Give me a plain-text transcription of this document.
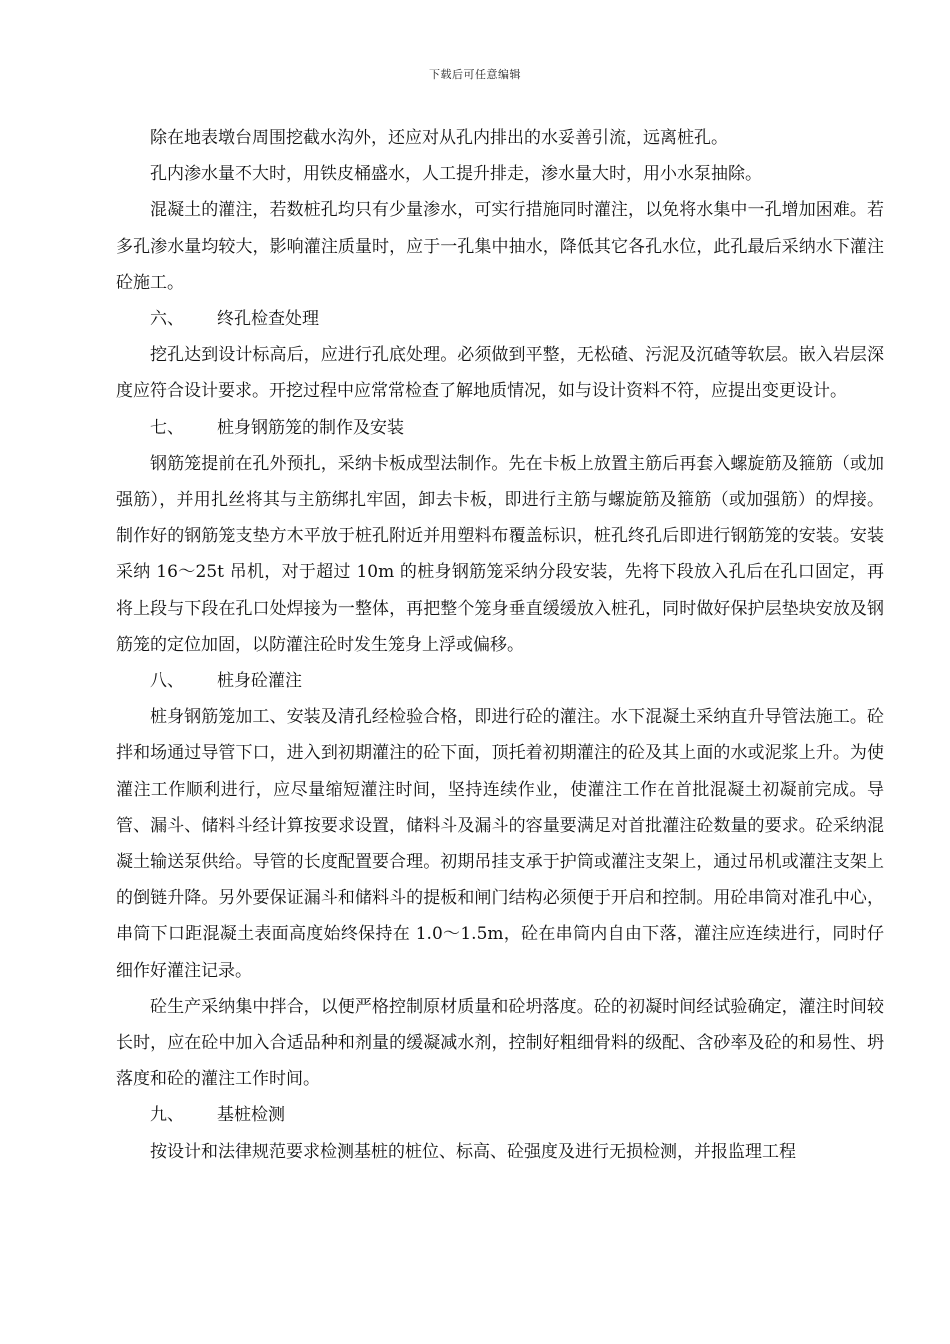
下载后可任意编辑

除在地表墩台周围挖截水沟外，还应对从孔内排出的水妥善引流，远离桩孔。

孔内渗水量不大时，用铁皮桶盛水，人工提升排走，渗水量大时，用小水泵抽除。

混凝土的灌注，若数桩孔均只有少量渗水，可实行措施同时灌注，以免将水集中一孔增加困难。若多孔渗水量均较大，影响灌注质量时，应于一孔集中抽水，降低其它各孔水位，此孔最后采纳水下灌注砼施工。

六、 终孔检查处理

挖孔达到设计标高后，应进行孔底处理。必须做到平整，无松碴、污泥及沉碴等软层。嵌入岩层深度应符合设计要求。开挖过程中应常常检查了解地质情况，如与设计资料不符，应提出变更设计。

七、 桩身钢筋笼的制作及安装

钢筋笼提前在孔外预扎，采纳卡板成型法制作。先在卡板上放置主筋后再套入螺旋筋及箍筋（或加强筋），并用扎丝将其与主筋绑扎牢固，卸去卡板，即进行主筋与螺旋筋及箍筋（或加强筋）的焊接。制作好的钢筋笼支垫方木平放于桩孔附近并用塑料布覆盖标识，桩孔终孔后即进行钢筋笼的安装。安装采纳 16～25t 吊机，对于超过 10m 的桩身钢筋笼采纳分段安装，先将下段放入孔后在孔口固定，再将上段与下段在孔口处焊接为一整体，再把整个笼身垂直缓缓放入桩孔，同时做好保护层垫块安放及钢筋笼的定位加固，以防灌注砼时发生笼身上浮或偏移。

八、 桩身砼灌注

桩身钢筋笼加工、安装及清孔经检验合格，即进行砼的灌注。水下混凝土采纳直升导管法施工。砼拌和场通过导管下口，进入到初期灌注的砼下面，顶托着初期灌注的砼及其上面的水或泥浆上升。为使灌注工作顺利进行，应尽量缩短灌注时间，坚持连续作业，使灌注工作在首批混凝土初凝前完成。导管、漏斗、储料斗经计算按要求设置，储料斗及漏斗的容量要满足对首批灌注砼数量的要求。砼采纳混凝土输送泵供给。导管的长度配置要合理。初期吊挂支承于护筒或灌注支架上，通过吊机或灌注支架上的倒链升降。另外要保证漏斗和储料斗的提板和闸门结构必须便于开启和控制。用砼串筒对准孔中心，串筒下口距混凝土表面高度始终保持在 1.0～1.5m，砼在串筒内自由下落，灌注应连续进行，同时仔细作好灌注记录。

砼生产采纳集中拌合，以便严格控制原材质量和砼坍落度。砼的初凝时间经试验确定，灌注时间较长时，应在砼中加入合适品种和剂量的缓凝减水剂，控制好粗细骨料的级配、含砂率及砼的和易性、坍落度和砼的灌注工作时间。

九、 基桩检测

按设计和法律规范要求检测基桩的桩位、标高、砼强度及进行无损检测，并报监理工程
